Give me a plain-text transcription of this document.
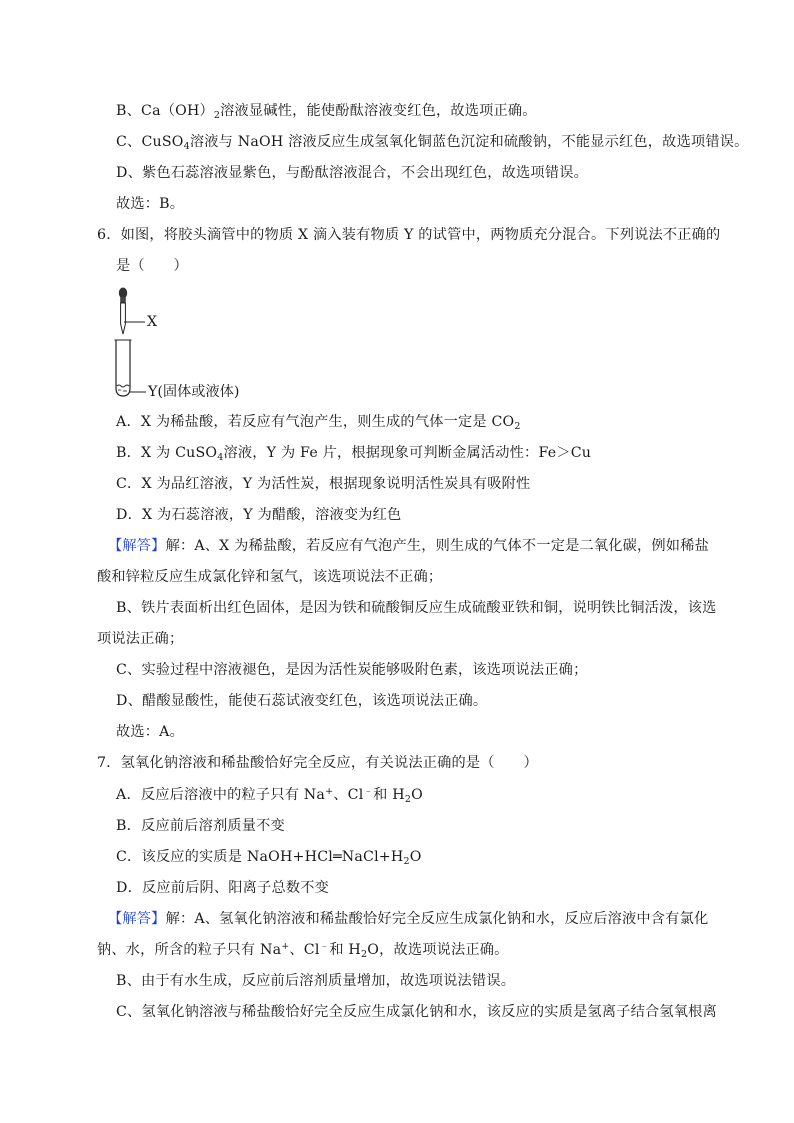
B、$Ca(OH)_2$溶液显碱性，能使酚酞溶液变红色，故选项正确。
C、CuSO$_4$溶液与 NaOH 溶液反应生成氢氧化铜蓝色沉淀和硫酸钠，不能显示红色，故选项错误。
D、紫色石蕊溶液显紫色，与酚酞溶液混合，不会出现红色，故选项错误。
故选：B。
6．如图，将胶头滴管中的物质 X 滴入装有物质 Y 的试管中，两物质充分混合。下列说法不正确的
是（　　）
X
Y(固体或液体)
A．X 为稀盐酸，若反应有气泡产生，则生成的气体一定是 $CO_2$
B．X 为 CuSO$_4$溶液，Y 为 Fe 片，根据现象可判断金属活动性：Fe＞Cu
C．X 为品红溶液，Y 为活性炭，根据现象说明活性炭具有吸附性
D．X 为石蕊溶液，Y 为醋酸，溶液变为红色
【解答】解：A、X 为稀盐酸，若反应有气泡产生，则生成的气体不一定是二氧化碳，例如稀盐
酸和锌粒反应生成氯化锌和氢气，该选项说法不正确；
B、铁片表面析出红色固体，是因为铁和硫酸铜反应生成硫酸亚铁和铜，说明铁比铜活泼，该选
项说法正确；
C、实验过程中溶液褪色，是因为活性炭能够吸附色素，该选项说法正确；
D、醋酸显酸性，能使石蕊试液变红色，该选项说法正确。
故选：A。
7．氢氧化钠溶液和稀盐酸恰好完全反应，有关说法正确的是（　　）
A．反应后溶液中的粒子只有 Na+、Cl﹣和 $H_2O$
B．反应前后溶剂质量不变
C．该反应的实质是 $NaOH+HCl═NaCl+H_2O$
D．反应前后阴、阳离子总数不变
【解答】解：A、氢氧化钠溶液和稀盐酸恰好完全反应生成氯化钠和水，反应后溶液中含有氯化
钠、水，所含的粒子只有 Na+、Cl﹣和 $H_2O$，故选项说法正确。
B、由于有水生成，反应前后溶剂质量增加，故选项说法错误。
C、氢氧化钠溶液与稀盐酸恰好完全反应生成氯化钠和水，该反应的实质是氢离子结合氢氧根离
